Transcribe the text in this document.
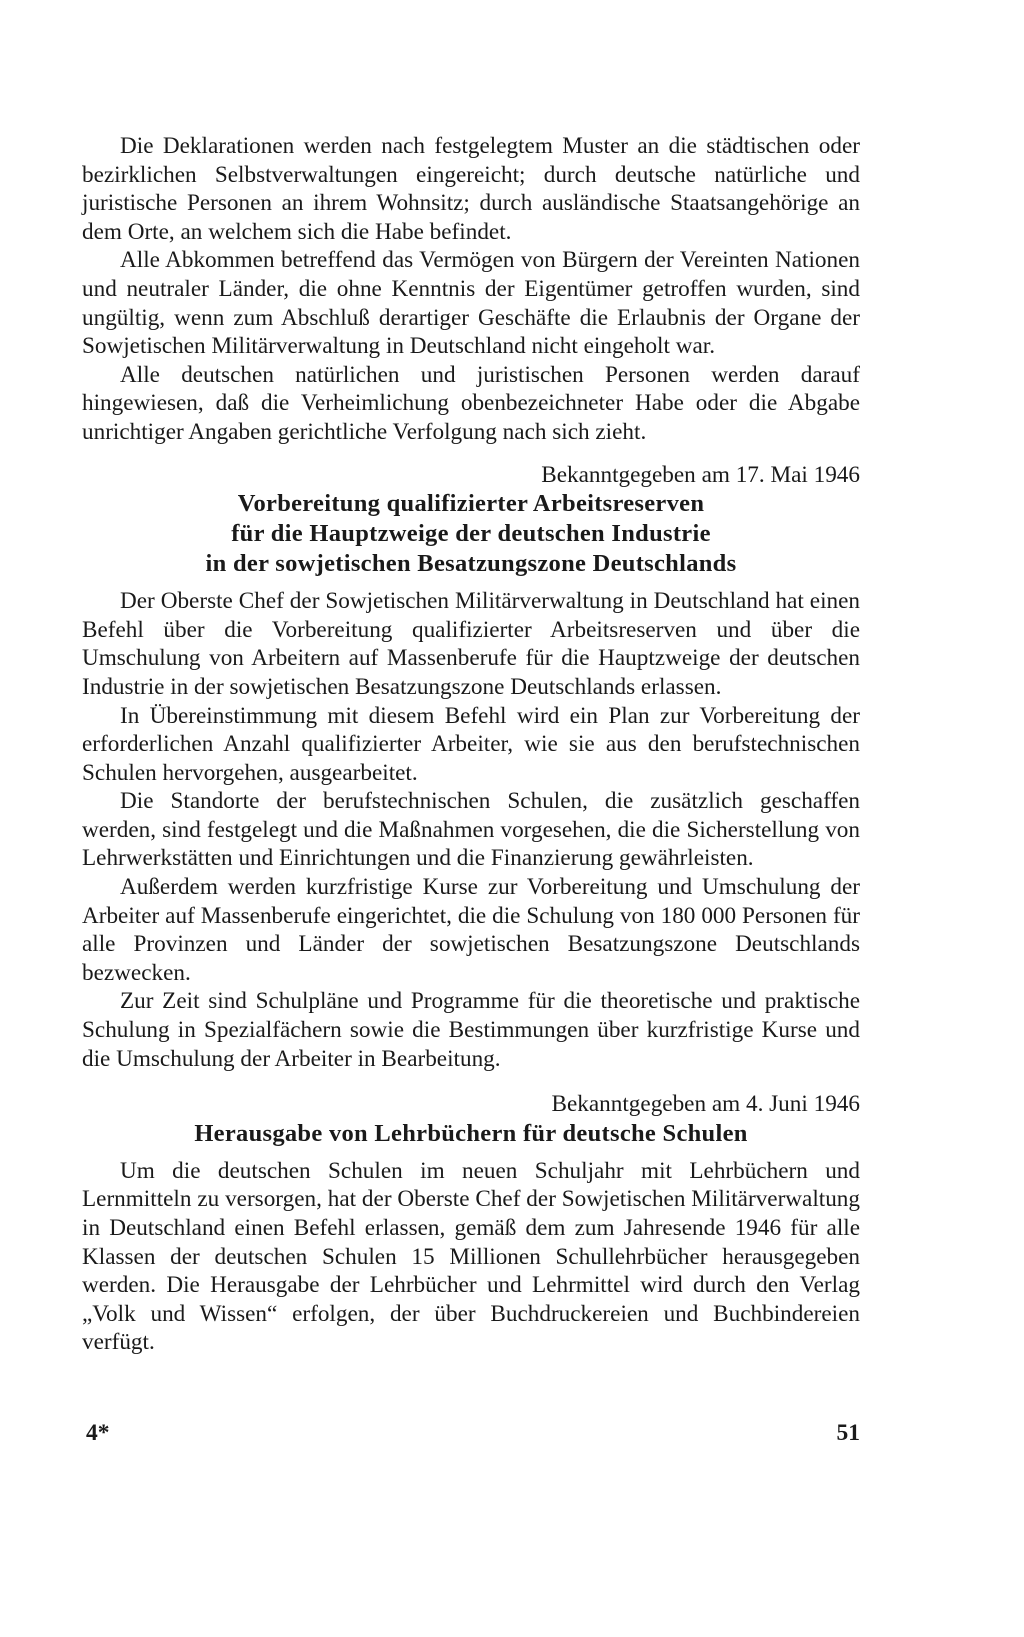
Die Deklarationen werden nach festgelegtem Muster an die städtischen oder bezirklichen Selbstverwaltungen eingereicht; durch deutsche natürliche und juristische Personen an ihrem Wohnsitz; durch ausländische Staatsangehörige an dem Orte, an welchem sich die Habe befindet.

Alle Abkommen betreffend das Vermögen von Bürgern der Vereinten Nationen und neutraler Länder, die ohne Kenntnis der Eigentümer getroffen wurden, sind ungültig, wenn zum Abschluß derartiger Geschäfte die Erlaubnis der Organe der Sowjetischen Militärverwaltung in Deutschland nicht eingeholt war.

Alle deutschen natürlichen und juristischen Personen werden darauf hingewiesen, daß die Verheimlichung obenbezeichneter Habe oder die Abgabe unrichtiger Angaben gerichtliche Verfolgung nach sich zieht.

Bekanntgegeben am 17. Mai 1946
Vorbereitung qualifizierter Arbeitsreserven
für die Hauptzweige der deutschen Industrie
in der sowjetischen Besatzungszone Deutschlands

Der Oberste Chef der Sowjetischen Militärverwaltung in Deutschland hat einen Befehl über die Vorbereitung qualifizierter Arbeitsreserven und über die Umschulung von Arbeitern auf Massenberufe für die Hauptzweige der deutschen Industrie in der sowjetischen Besatzungszone Deutschlands erlassen.

In Übereinstimmung mit diesem Befehl wird ein Plan zur Vorbereitung der erforderlichen Anzahl qualifizierter Arbeiter, wie sie aus den berufstechnischen Schulen hervorgehen, ausgearbeitet.

Die Standorte der berufstechnischen Schulen, die zusätzlich geschaffen werden, sind festgelegt und die Maßnahmen vorgesehen, die die Sicherstellung von Lehrwerkstätten und Einrichtungen und die Finanzierung gewährleisten.

Außerdem werden kurzfristige Kurse zur Vorbereitung und Umschulung der Arbeiter auf Massenberufe eingerichtet, die die Schulung von 180 000 Personen für alle Provinzen und Länder der sowjetischen Besatzungszone Deutschlands bezwecken.

Zur Zeit sind Schulpläne und Programme für die theoretische und praktische Schulung in Spezialfächern sowie die Bestimmungen über kurzfristige Kurse und die Umschulung der Arbeiter in Bearbeitung.

Bekanntgegeben am 4. Juni 1946
Herausgabe von Lehrbüchern für deutsche Schulen

Um die deutschen Schulen im neuen Schuljahr mit Lehrbüchern und Lernmitteln zu versorgen, hat der Oberste Chef der Sowjetischen Militärverwaltung in Deutschland einen Befehl erlassen, gemäß dem zum Jahresende 1946 für alle Klassen der deutschen Schulen 15 Millionen Schullehrbücher herausgegeben werden. Die Herausgabe der Lehrbücher und Lehrmittel wird durch den Verlag „Volk und Wissen“ erfolgen, der über Buchdruckereien und Buchbindereien verfügt.

4*	51
